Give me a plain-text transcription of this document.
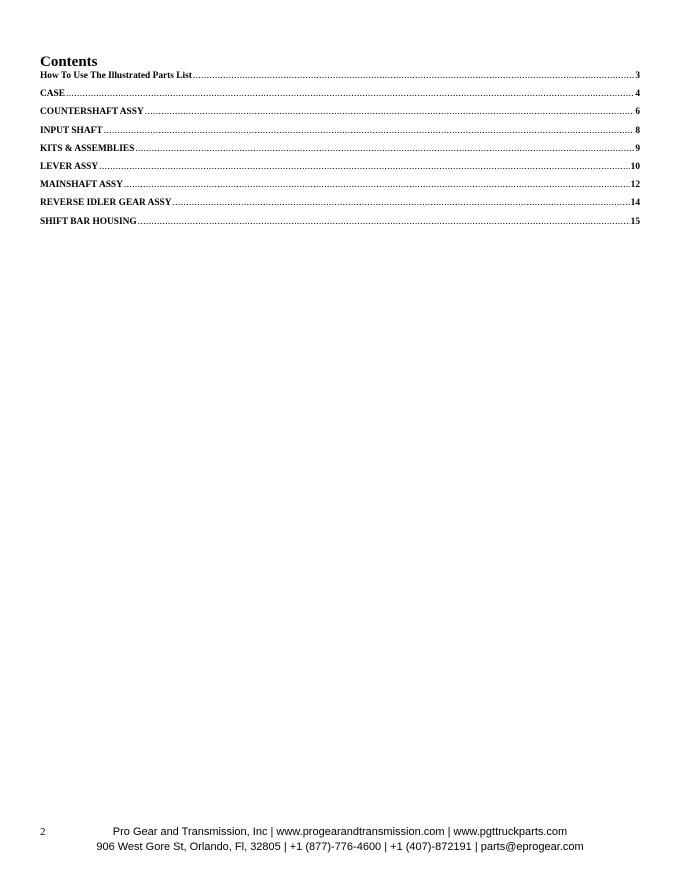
Contents
How To Use The Illustrated Parts List .....	3
CASE .....	4
COUNTERSHAFT ASSY .....	6
INPUT SHAFT .....	8
KITS & ASSEMBLIES .....	9
LEVER ASSY .....	10
MAINSHAFT ASSY .....	12
REVERSE IDLER GEAR ASSY .....	14
SHIFT BAR HOUSING .....	15
2	Pro Gear and Transmission, Inc | www.progearandtransmission.com | www.pgttruckparts.com
906 West Gore St, Orlando, Fl, 32805 | +1 (877)-776-4600 | +1 (407)-872191 | parts@eprogear.com
